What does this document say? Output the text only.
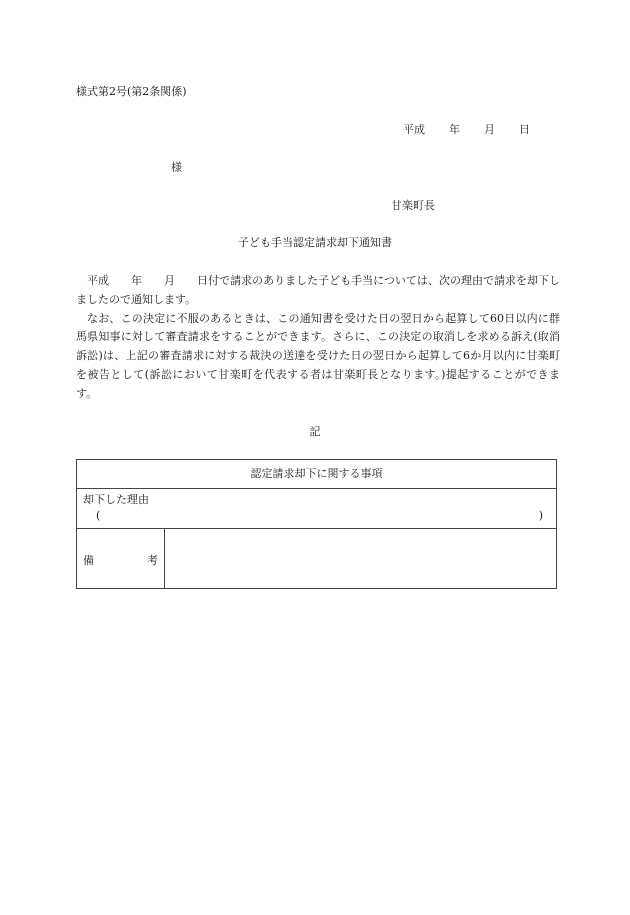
様式第2号(第2条関係)
平成 年 月 日
様
甘楽町長
子ども手当認定請求却下通知書

平成　　年　　月　　日付で請求のありました子ども手当については、次の理由で請求を却下しましたので通知します。

なお、この決定に不服のあるときは、この通知書を受けた日の翌日から起算して60日以内に群馬県知事に対して審査請求をすることができます。さらに、この決定の取消しを求める訴え(取消訴訟)は、上記の審査請求に対する裁決の送達を受けた日の翌日から起算して6か月以内に甘楽町を被告として(訴訟において甘楽町を代表する者は甘楽町長となります。)提起することができます。

記
認定請求却下に関する事項
却下した理由
(	)
備	考
